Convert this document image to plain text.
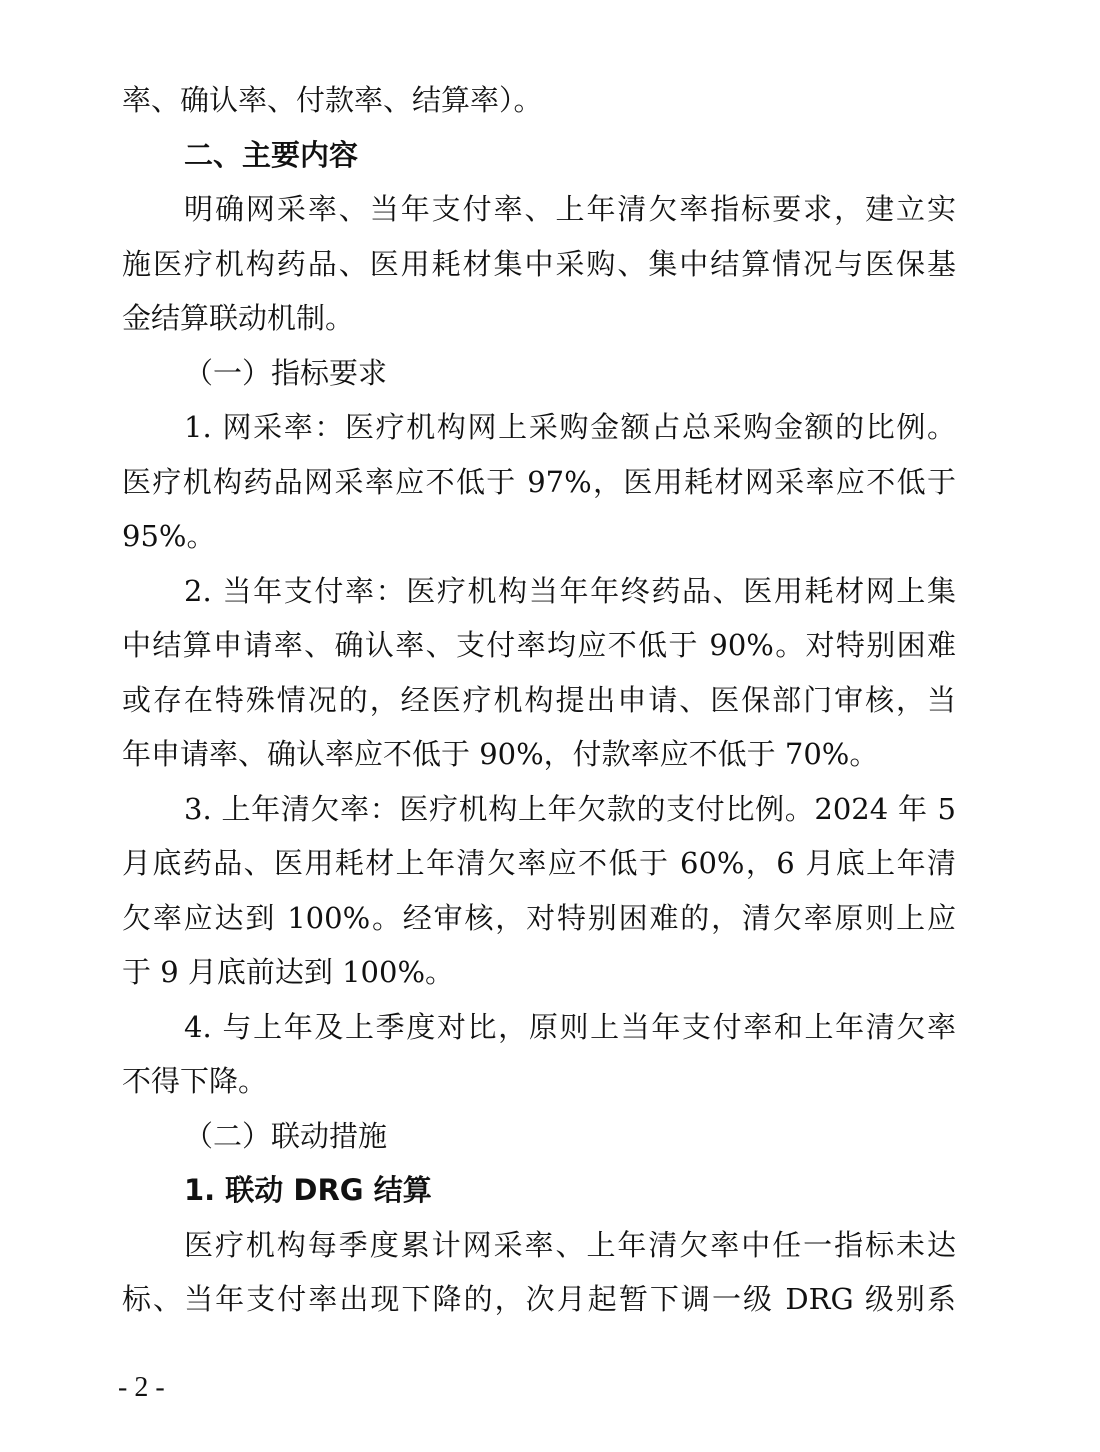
率、确认率、付款率、结算率）。
二、主要内容
明确网采率、当年支付率、上年清欠率指标要求，建立实
施医疗机构药品、医用耗材集中采购、集中结算情况与医保基
金结算联动机制。
（一）指标要求
1. 网采率：医疗机构网上采购金额占总采购金额的比例。
医疗机构药品网采率应不低于 97%，医用耗材网采率应不低于
95%。
2. 当年支付率：医疗机构当年年终药品、医用耗材网上集
中结算申请率、确认率、支付率均应不低于 90%。对特别困难
或存在特殊情况的，经医疗机构提出申请、医保部门审核，当
年申请率、确认率应不低于 90%，付款率应不低于 70%。
3. 上年清欠率：医疗机构上年欠款的支付比例。2024 年 5
月底药品、医用耗材上年清欠率应不低于 60%，6 月底上年清
欠率应达到 100%。经审核，对特别困难的，清欠率原则上应
于 9 月底前达到 100%。
4. 与上年及上季度对比，原则上当年支付率和上年清欠率
不得下降。
（二）联动措施
1. 联动 DRG 结算
医疗机构每季度累计网采率、上年清欠率中任一指标未达
标、当年支付率出现下降的，次月起暂下调一级 DRG 级别系
- 2 -
